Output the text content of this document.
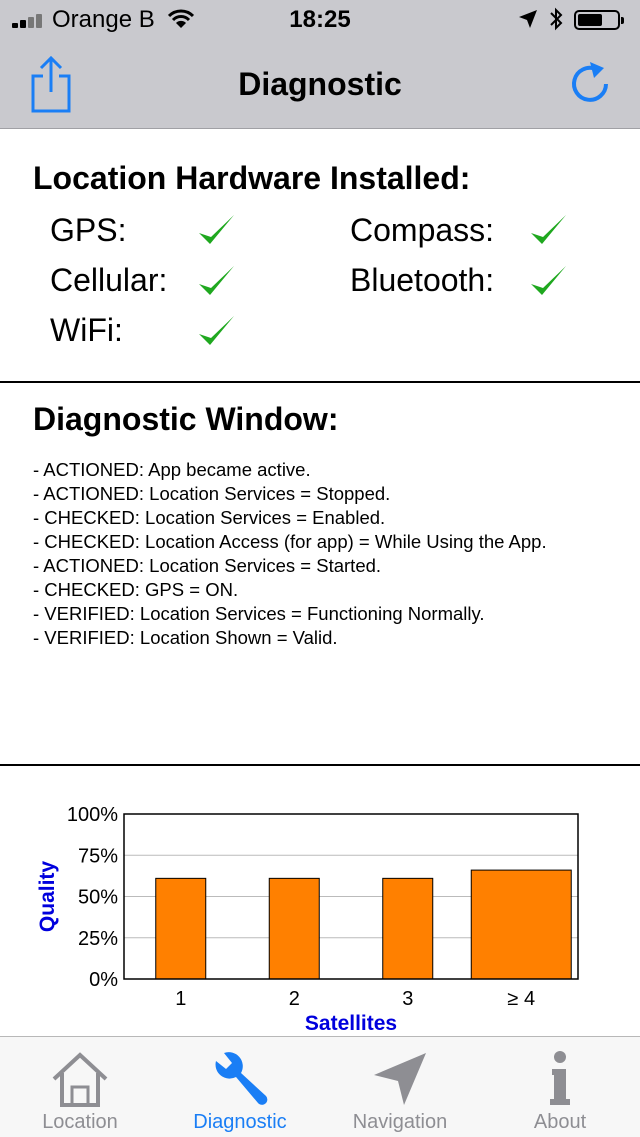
Orange B	18:25
Diagnostic
Location Hardware Installed:
GPS:	Compass:
Cellular:	Bluetooth:
WiFi:
Diagnostic Window:
- ACTIONED: App became active.
- ACTIONED: Location Services = Stopped.
- CHECKED: Location Services = Enabled.
- CHECKED: Location Access (for app) = While Using the App.
- ACTIONED: Location Services = Started.
- CHECKED: GPS = ON.
- VERIFIED: Location Services = Functioning Normally.
- VERIFIED: Location Shown = Valid.
0%
25%
50%
75%
100%
1	2	3	≥ 4
Satellites
Quality
Location	Diagnostic	Navigation	About
